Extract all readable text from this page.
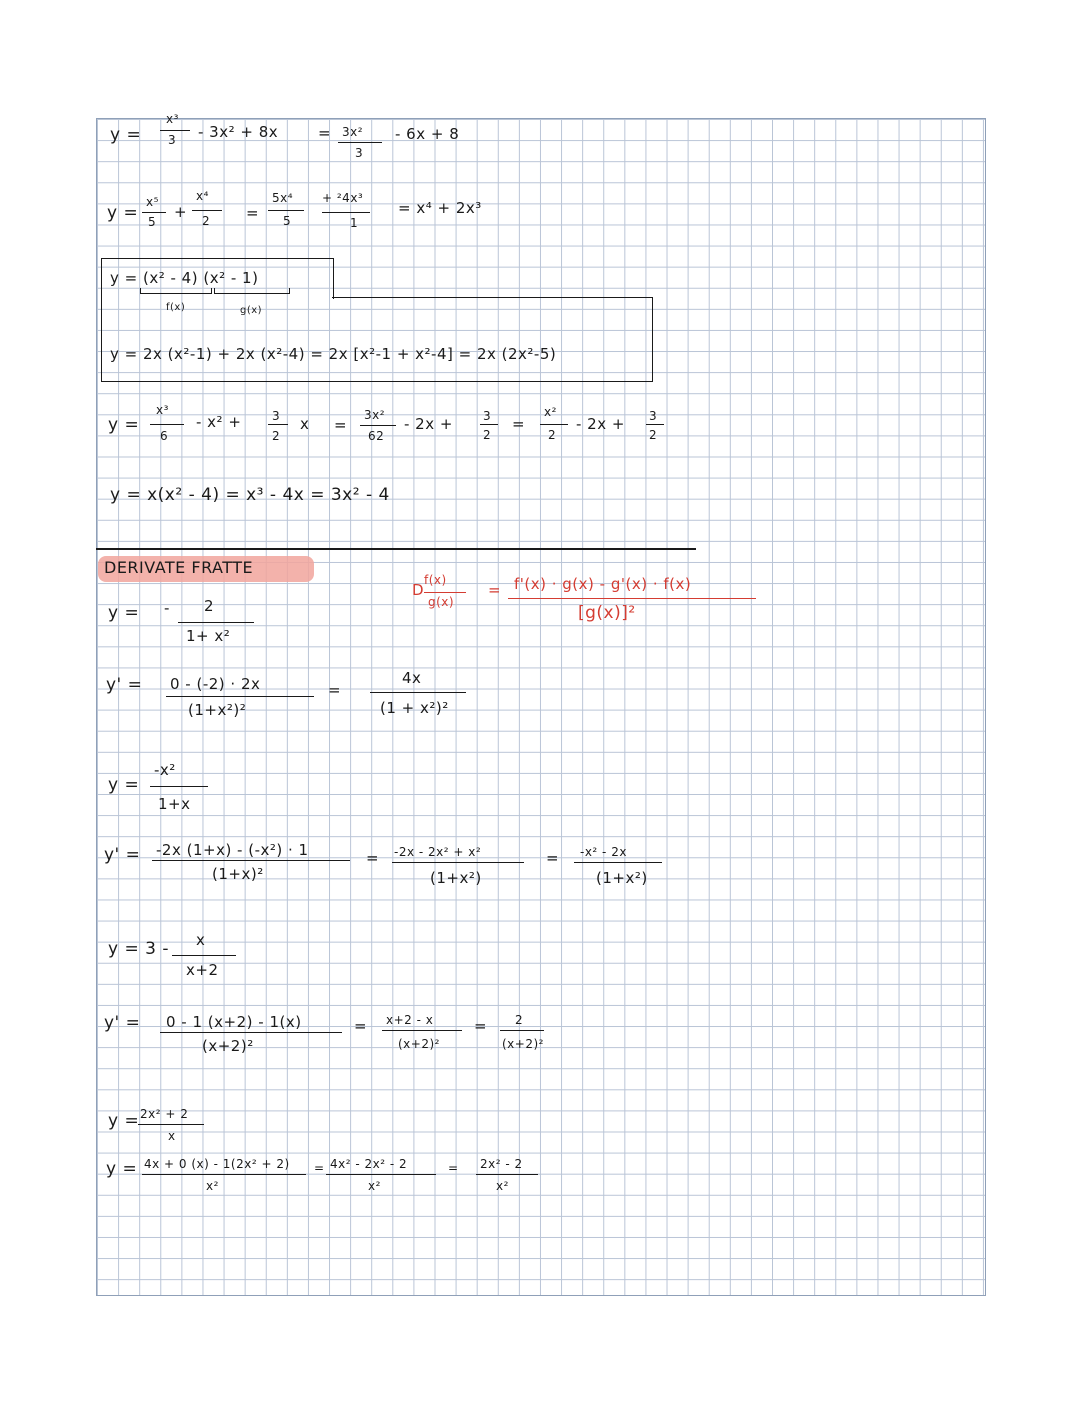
y =
x³
3 - 3x² + 8x	= 3x²
3
- 6x + 8
y =
x⁵
5
+
x⁴
2 =
5x⁴
5
+ ²4x³
1
= x⁴ + 2x³
y = (x² - 4) (x² - 1)
f(x)	g(x)
y = 2x (x²-1) + 2x (x²-4) = 2x [x²-1 + x²-4] = 2x (2x²-5)
y =
x³
6
- x² +	3
2
x =
3x²
62
- 2x +	3
2
=
x²
2
- 2x + 3
2
y = x(x² - 4) = x³ - 4x = 3x² - 4
DERIVATE FRATTE
D
f(x)
g(x)
= f'(x) · g(x) - g'(x) · f(x)
[g(x)]²
y = - 2
1+ x²
y' = 0 - (-2) · 2x
(1+x²)²
=
4x
(1 + x²)²
y =
-x²
1+x
y' = -2x (1+x) - (-x²) · 1
(1+x)²
= -2x - 2x² + x²
(1+x²)
= -x² - 2x
(1+x²)
y = 3 - x
x+2
y' = 0 - 1 (x+2) - 1(x)
(x+2)²
= x+2 - x
(x+2)²
= 2
(x+2)²
y = 2x² + 2
x
y = 4x + 0 (x) - 1(2x² + 2)
x²
= 4x² - 2x² - 2
x²
= 2x² - 2
x²
